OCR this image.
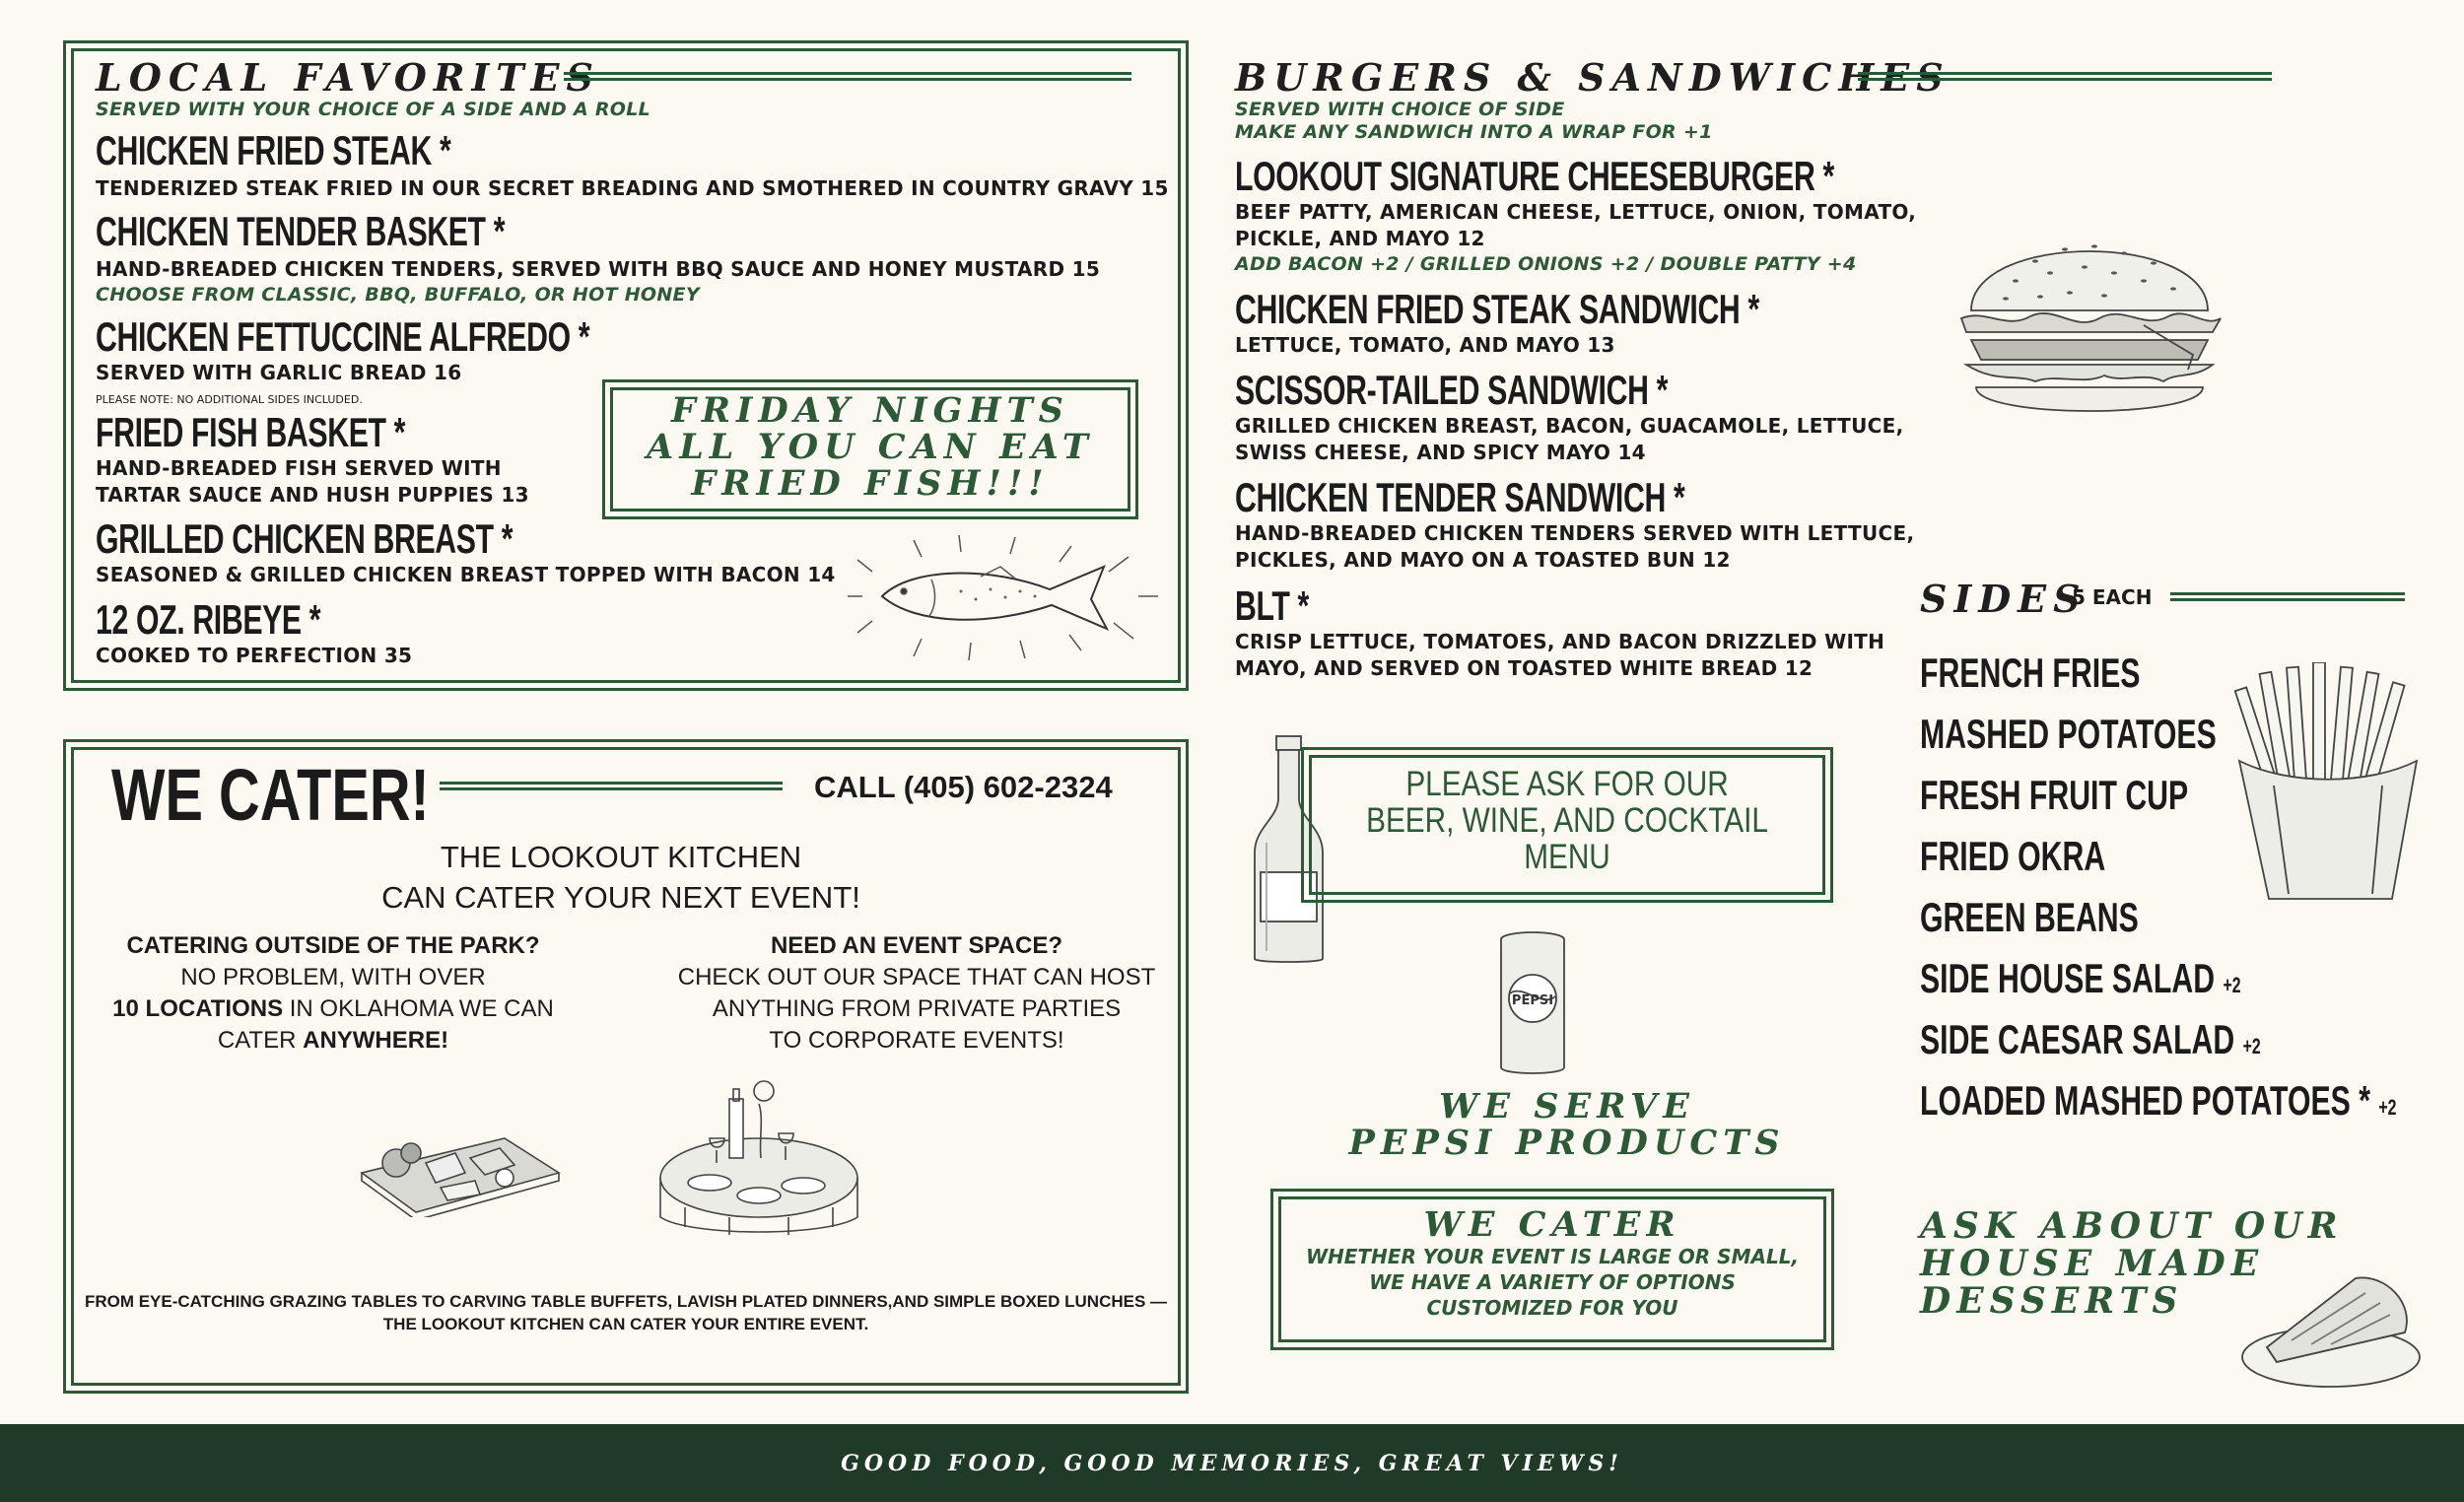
LOCAL FAVORITES
SERVED WITH YOUR CHOICE OF A SIDE AND A ROLL
CHICKEN FRIED STEAK *
TENDERIZED STEAK FRIED IN OUR SECRET BREADING AND SMOTHERED IN COUNTRY GRAVY 15
CHICKEN TENDER BASKET *
HAND-BREADED CHICKEN TENDERS, SERVED WITH BBQ SAUCE AND HONEY MUSTARD 15
CHOOSE FROM CLASSIC, BBQ, BUFFALO, OR HOT HONEY
CHICKEN FETTUCCINE ALFREDO *
SERVED WITH GARLIC BREAD 16
PLEASE NOTE: NO ADDITIONAL SIDES INCLUDED.
FRIED FISH BASKET *
HAND-BREADED FISH SERVED WITH
TARTAR SAUCE AND HUSH PUPPIES 13
GRILLED CHICKEN BREAST *
SEASONED & GRILLED CHICKEN BREAST TOPPED WITH BACON 14
12 OZ. RIBEYE *
COOKED TO PERFECTION 35
FRIDAY NIGHTS
ALL YOU CAN EAT
FRIED FISH!!!
WE CATER!	CALL (405) 602-2324
THE LOOKOUT KITCHEN
CAN CATER YOUR NEXT EVENT!
CATERING OUTSIDE OF THE PARK?
NO PROBLEM, WITH OVER
10 LOCATIONS IN OKLAHOMA WE CAN
CATER ANYWHERE!
NEED AN EVENT SPACE?
CHECK OUT OUR SPACE THAT CAN HOST
ANYTHING FROM PRIVATE PARTIES
TO CORPORATE EVENTS!
FROM EYE-CATCHING GRAZING TABLES TO CARVING TABLE BUFFETS, LAVISH PLATED DINNERS,AND SIMPLE BOXED LUNCHES —
THE LOOKOUT KITCHEN CAN CATER YOUR ENTIRE EVENT.
BURGERS & SANDWICHES
SERVED WITH CHOICE OF SIDE
MAKE ANY SANDWICH INTO A WRAP FOR +1
LOOKOUT SIGNATURE CHEESEBURGER *
BEEF PATTY, AMERICAN CHEESE, LETTUCE, ONION, TOMATO,
PICKLE, AND MAYO 12
ADD BACON +2 / GRILLED ONIONS +2 / DOUBLE PATTY +4
CHICKEN FRIED STEAK SANDWICH *
LETTUCE, TOMATO, AND MAYO 13
SCISSOR-TAILED SANDWICH *
GRILLED CHICKEN BREAST, BACON, GUACAMOLE, LETTUCE,
SWISS CHEESE, AND SPICY MAYO 14
CHICKEN TENDER SANDWICH *
HAND-BREADED CHICKEN TENDERS SERVED WITH LETTUCE,
PICKLES, AND MAYO ON A TOASTED BUN 12
BLT *
CRISP LETTUCE, TOMATOES, AND BACON DRIZZLED WITH
MAYO, AND SERVED ON TOASTED WHITE BREAD 12
SIDES
5 EACH
FRENCH FRIES
MASHED POTATOES
FRESH FRUIT CUP
FRIED OKRA
GREEN BEANS
SIDE HOUSE SALAD +2
SIDE CAESAR SALAD +2
LOADED MASHED POTATOES * +2
ASK ABOUT OUR
HOUSE MADE
DESSERTS
PLEASE ASK FOR OUR
BEER, WINE, AND COCKTAIL
MENU
PEPSI
WE SERVE
PEPSI PRODUCTS
WE CATER
WHETHER YOUR EVENT IS LARGE OR SMALL,
WE HAVE A VARIETY OF OPTIONS
CUSTOMIZED FOR YOU
GOOD FOOD, GOOD MEMORIES, GREAT VIEWS!
